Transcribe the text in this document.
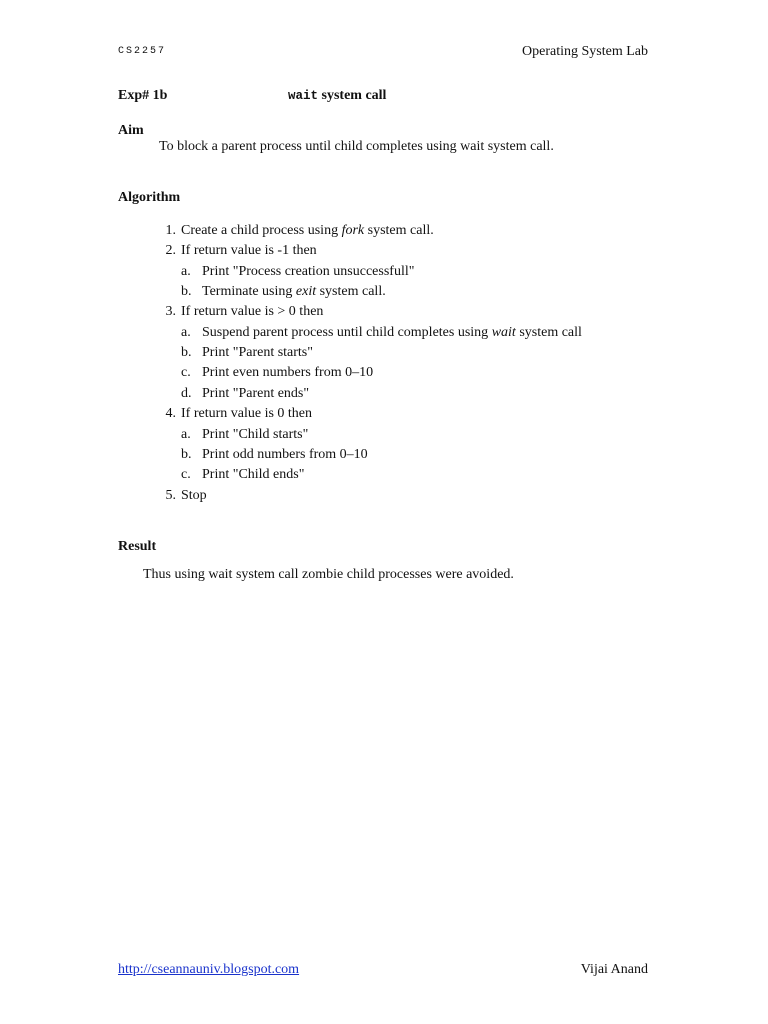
CS2257	Operating System Lab
Exp# 1b	wait system call
Aim
To block a parent process until child completes using wait system call.
Algorithm
1. Create a child process using fork system call.
2. If return value is -1 then
a. Print "Process creation unsuccessfull"
b. Terminate using exit system call.
3. If return value is > 0 then
a. Suspend parent process until child completes using wait system call
b. Print "Parent starts"
c. Print even numbers from 0–10
d. Print "Parent ends"
4. If return value is 0 then
a. Print "Child starts"
b. Print odd numbers from 0–10
c. Print "Child ends"
5. Stop
Result
Thus using wait system call zombie child processes were avoided.
http://cseannauniv.blogspot.com	Vijai Anand
